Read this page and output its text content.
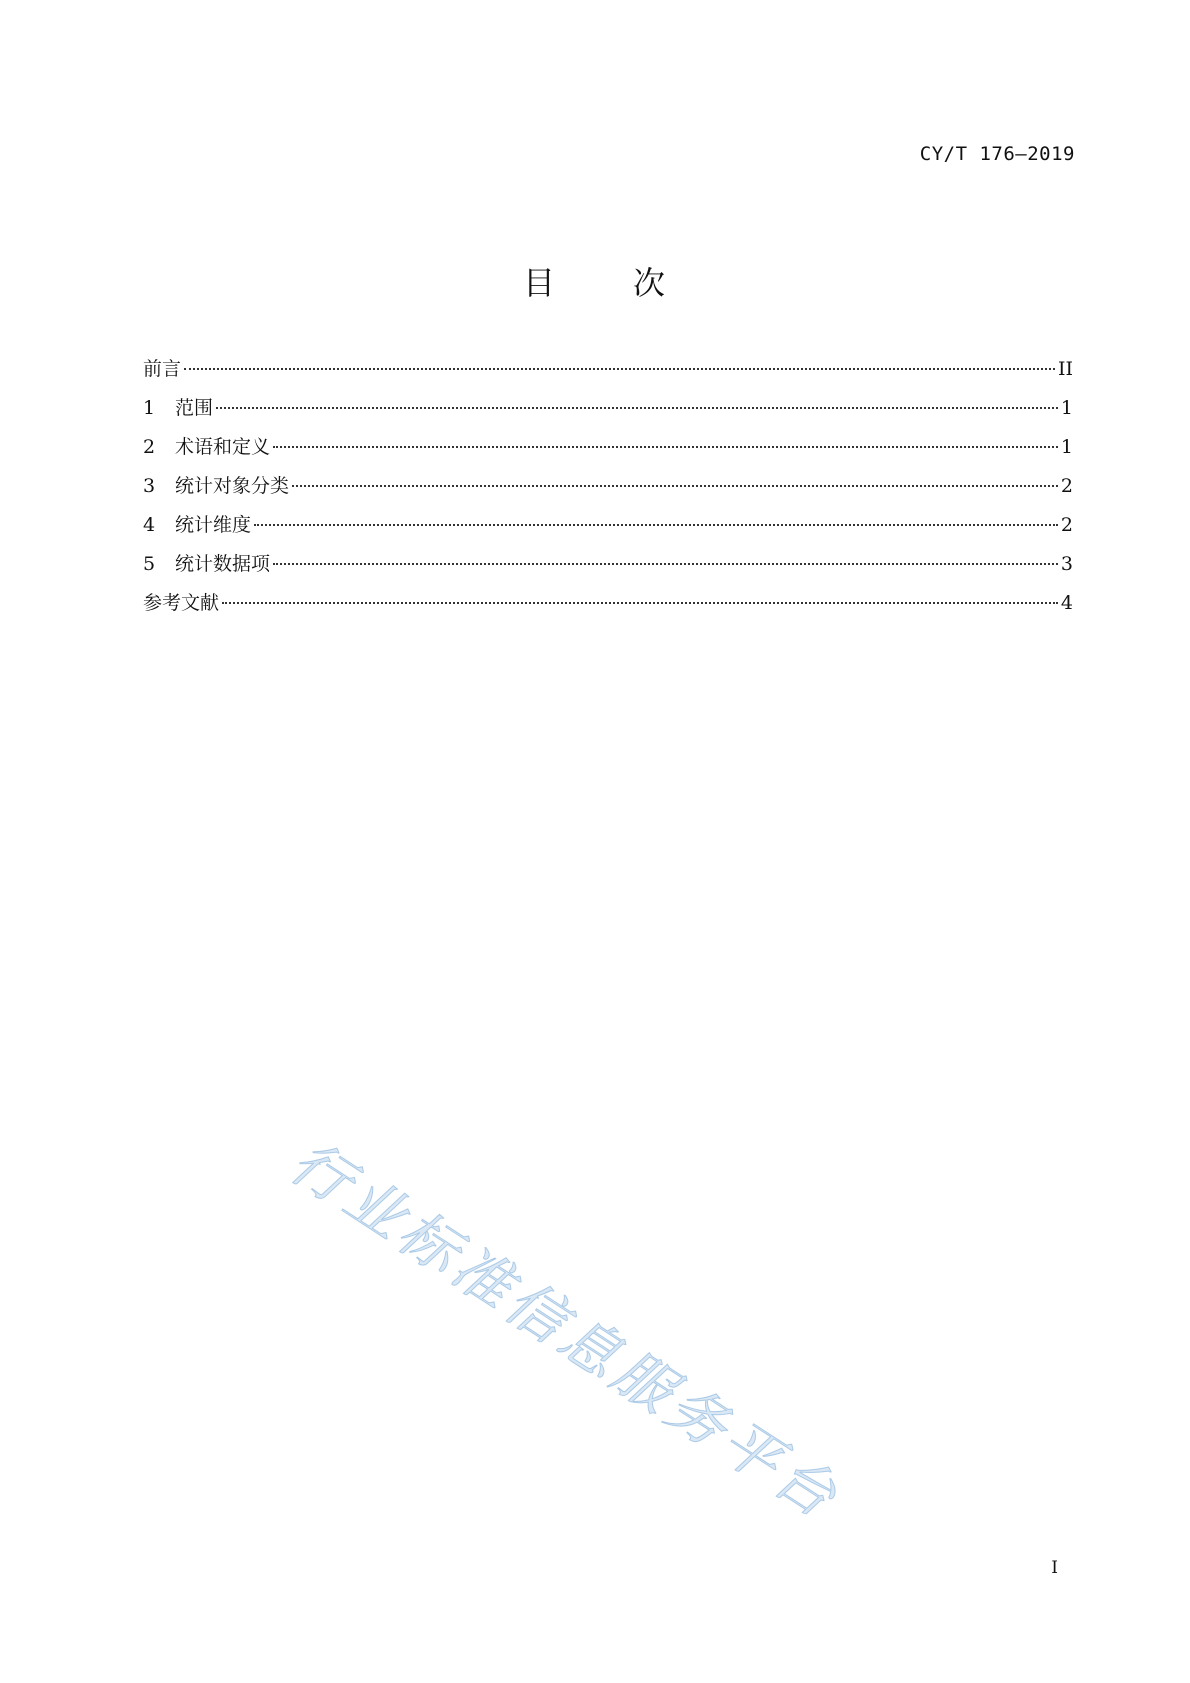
CY/T 176—2019
目 次
前言	II
1	范围	1
2	术语和定义	1
3	统计对象分类	2
4	统计维度	2
5	统计数据项	3
参考文献	4
行业标准信息服务平台
I
